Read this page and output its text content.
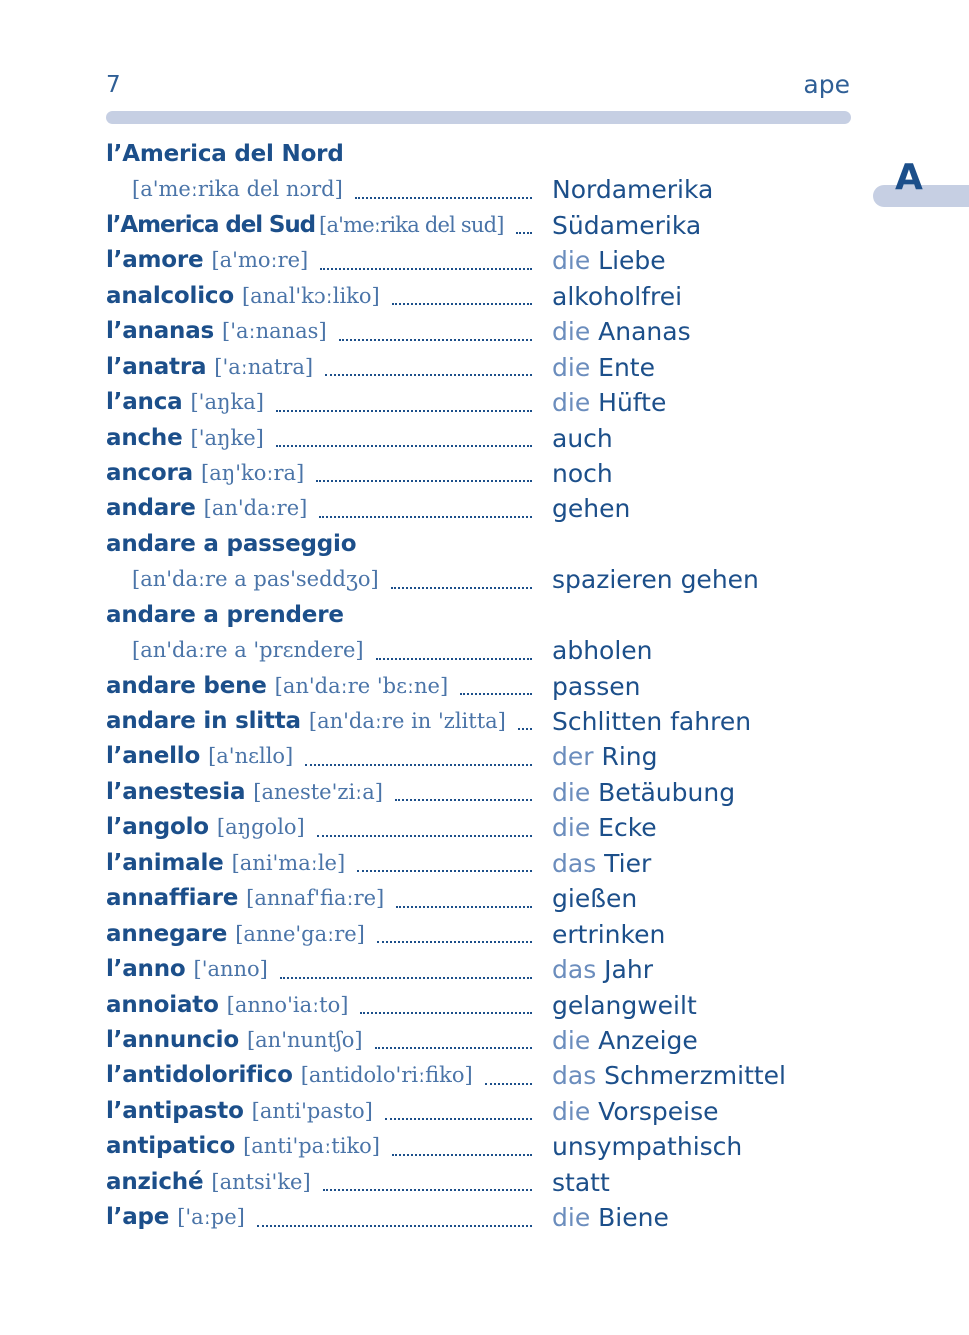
7	ape
A
l’America del Nord
[a'meːrika del nɔrd]	Nordamerika
l’America del Sud [a'meːrika del sud] Südamerika
l’amore [a'moːre]	die Liebe
analcolico [anal'kɔːliko]	alkoholfrei
l’ananas ['aːnanas]	die Ananas
l’anatra ['aːnatra]	die Ente
l’anca ['aŋka]	die Hüfte
anche ['aŋke]	auch
ancora [aŋ'koːra]	noch
andare [an'daːre]	gehen
andare a passeggio
[an'daːre a pas'seddʒo]	spazieren gehen
andare a prendere
[an'daːre a 'prɛndere]	abholen
andare bene [an'daːre 'bɛːne]	passen
andare in slitta [an'daːre in 'zlitta] Schlitten fahren
l’anello [a'nɛllo]	der Ring
l’anestesia [aneste'ziːa]	die Betäubung
l’angolo [aŋgolo]	die Ecke
l’animale [ani'maːle]	das Tier
annaffiare [annaf'fiaːre]	gießen
annegare [anne'gaːre]	ertrinken
l’anno ['anno]	das Jahr
annoiato [anno'iaːto]	gelangweilt
l’annuncio [an'nuntʃo]	die Anzeige
l’antidolorifico [antidolo'riːfiko]	das Schmerzmittel
l’antipasto [anti'pasto]	die Vorspeise
antipatico [anti'paːtiko]	unsympathisch
anziché [antsi'ke]	statt
l’ape ['aːpe]	die Biene
